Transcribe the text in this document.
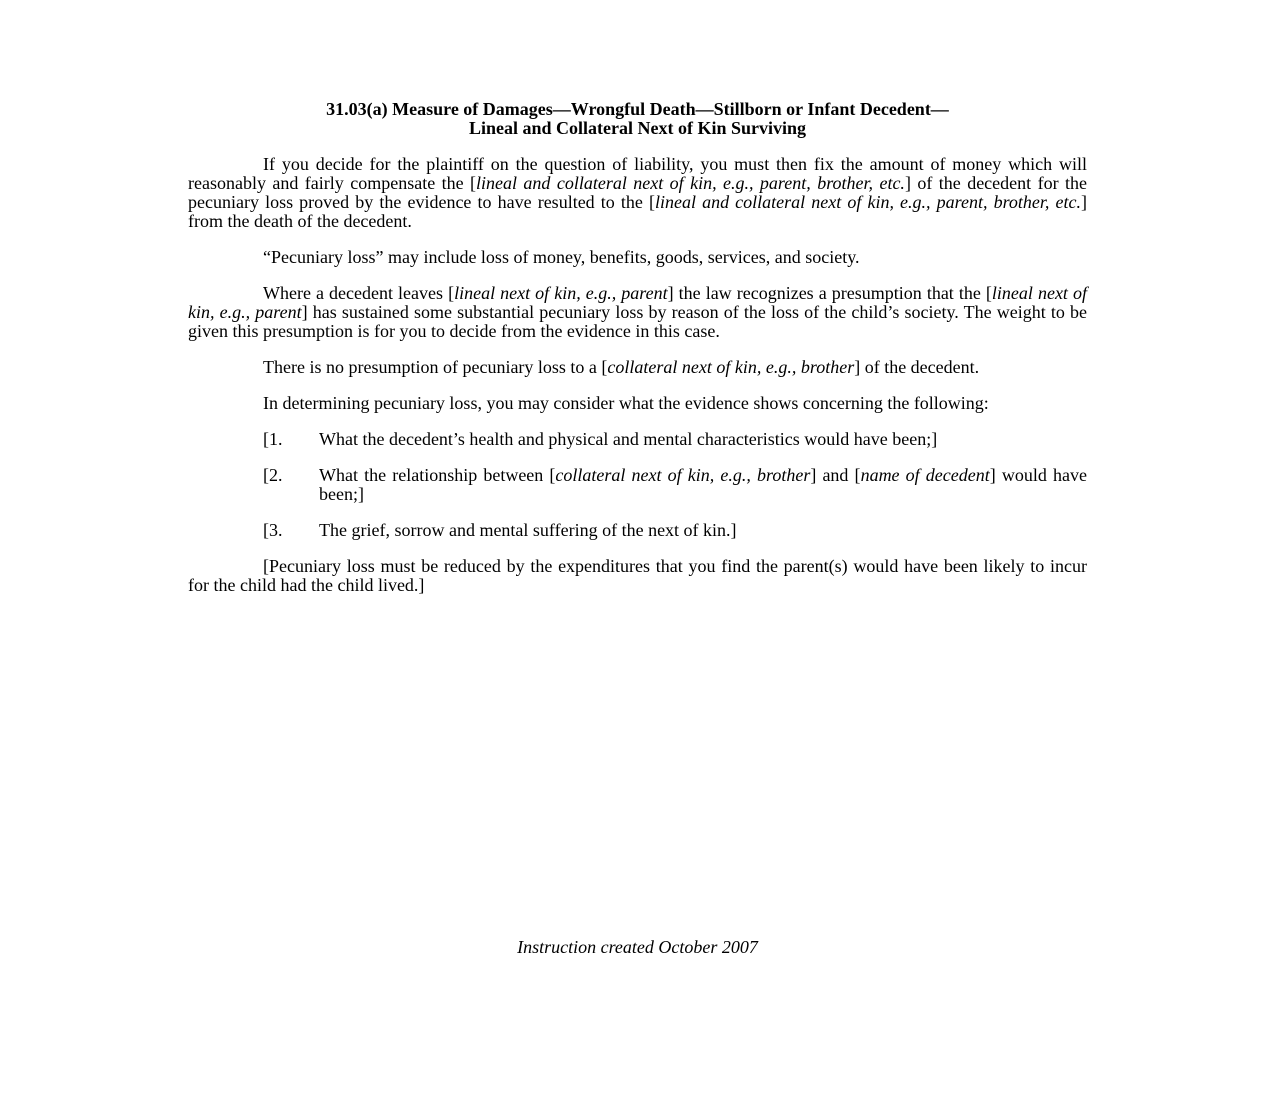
31.03(a) Measure of Damages—Wrongful Death—Stillborn or Infant Decedent—
Lineal and Collateral Next of Kin Surviving

If you decide for the plaintiff on the question of liability, you must then fix the amount of money which will reasonably and fairly compensate the [lineal and collateral next of kin, e.g., parent, brother, etc.] of the decedent for the pecuniary loss proved by the evidence to have resulted to the [lineal and collateral next of kin, e.g., parent, brother, etc.] from the death of the decedent.

“Pecuniary loss” may include loss of money, benefits, goods, services, and society.

Where a decedent leaves [lineal next of kin, e.g., parent] the law recognizes a presumption that the [lineal next of kin, e.g., parent] has sustained some substantial pecuniary loss by reason of the loss of the child’s society. The weight to be given this presumption is for you to decide from the evidence in this case.

There is no presumption of pecuniary loss to a [collateral next of kin, e.g., brother] of the decedent.

In determining pecuniary loss, you may consider what the evidence shows concerning the following:

[1.	What the decedent’s health and physical and mental characteristics would have been;]
[2.	What the relationship between [collateral next of kin, e.g., brother] and [name of decedent] would have been;]
[3.	The grief, sorrow and mental suffering of the next of kin.]

[Pecuniary loss must be reduced by the expenditures that you find the parent(s) would have been likely to incur for the child had the child lived.]

Instruction created October 2007
